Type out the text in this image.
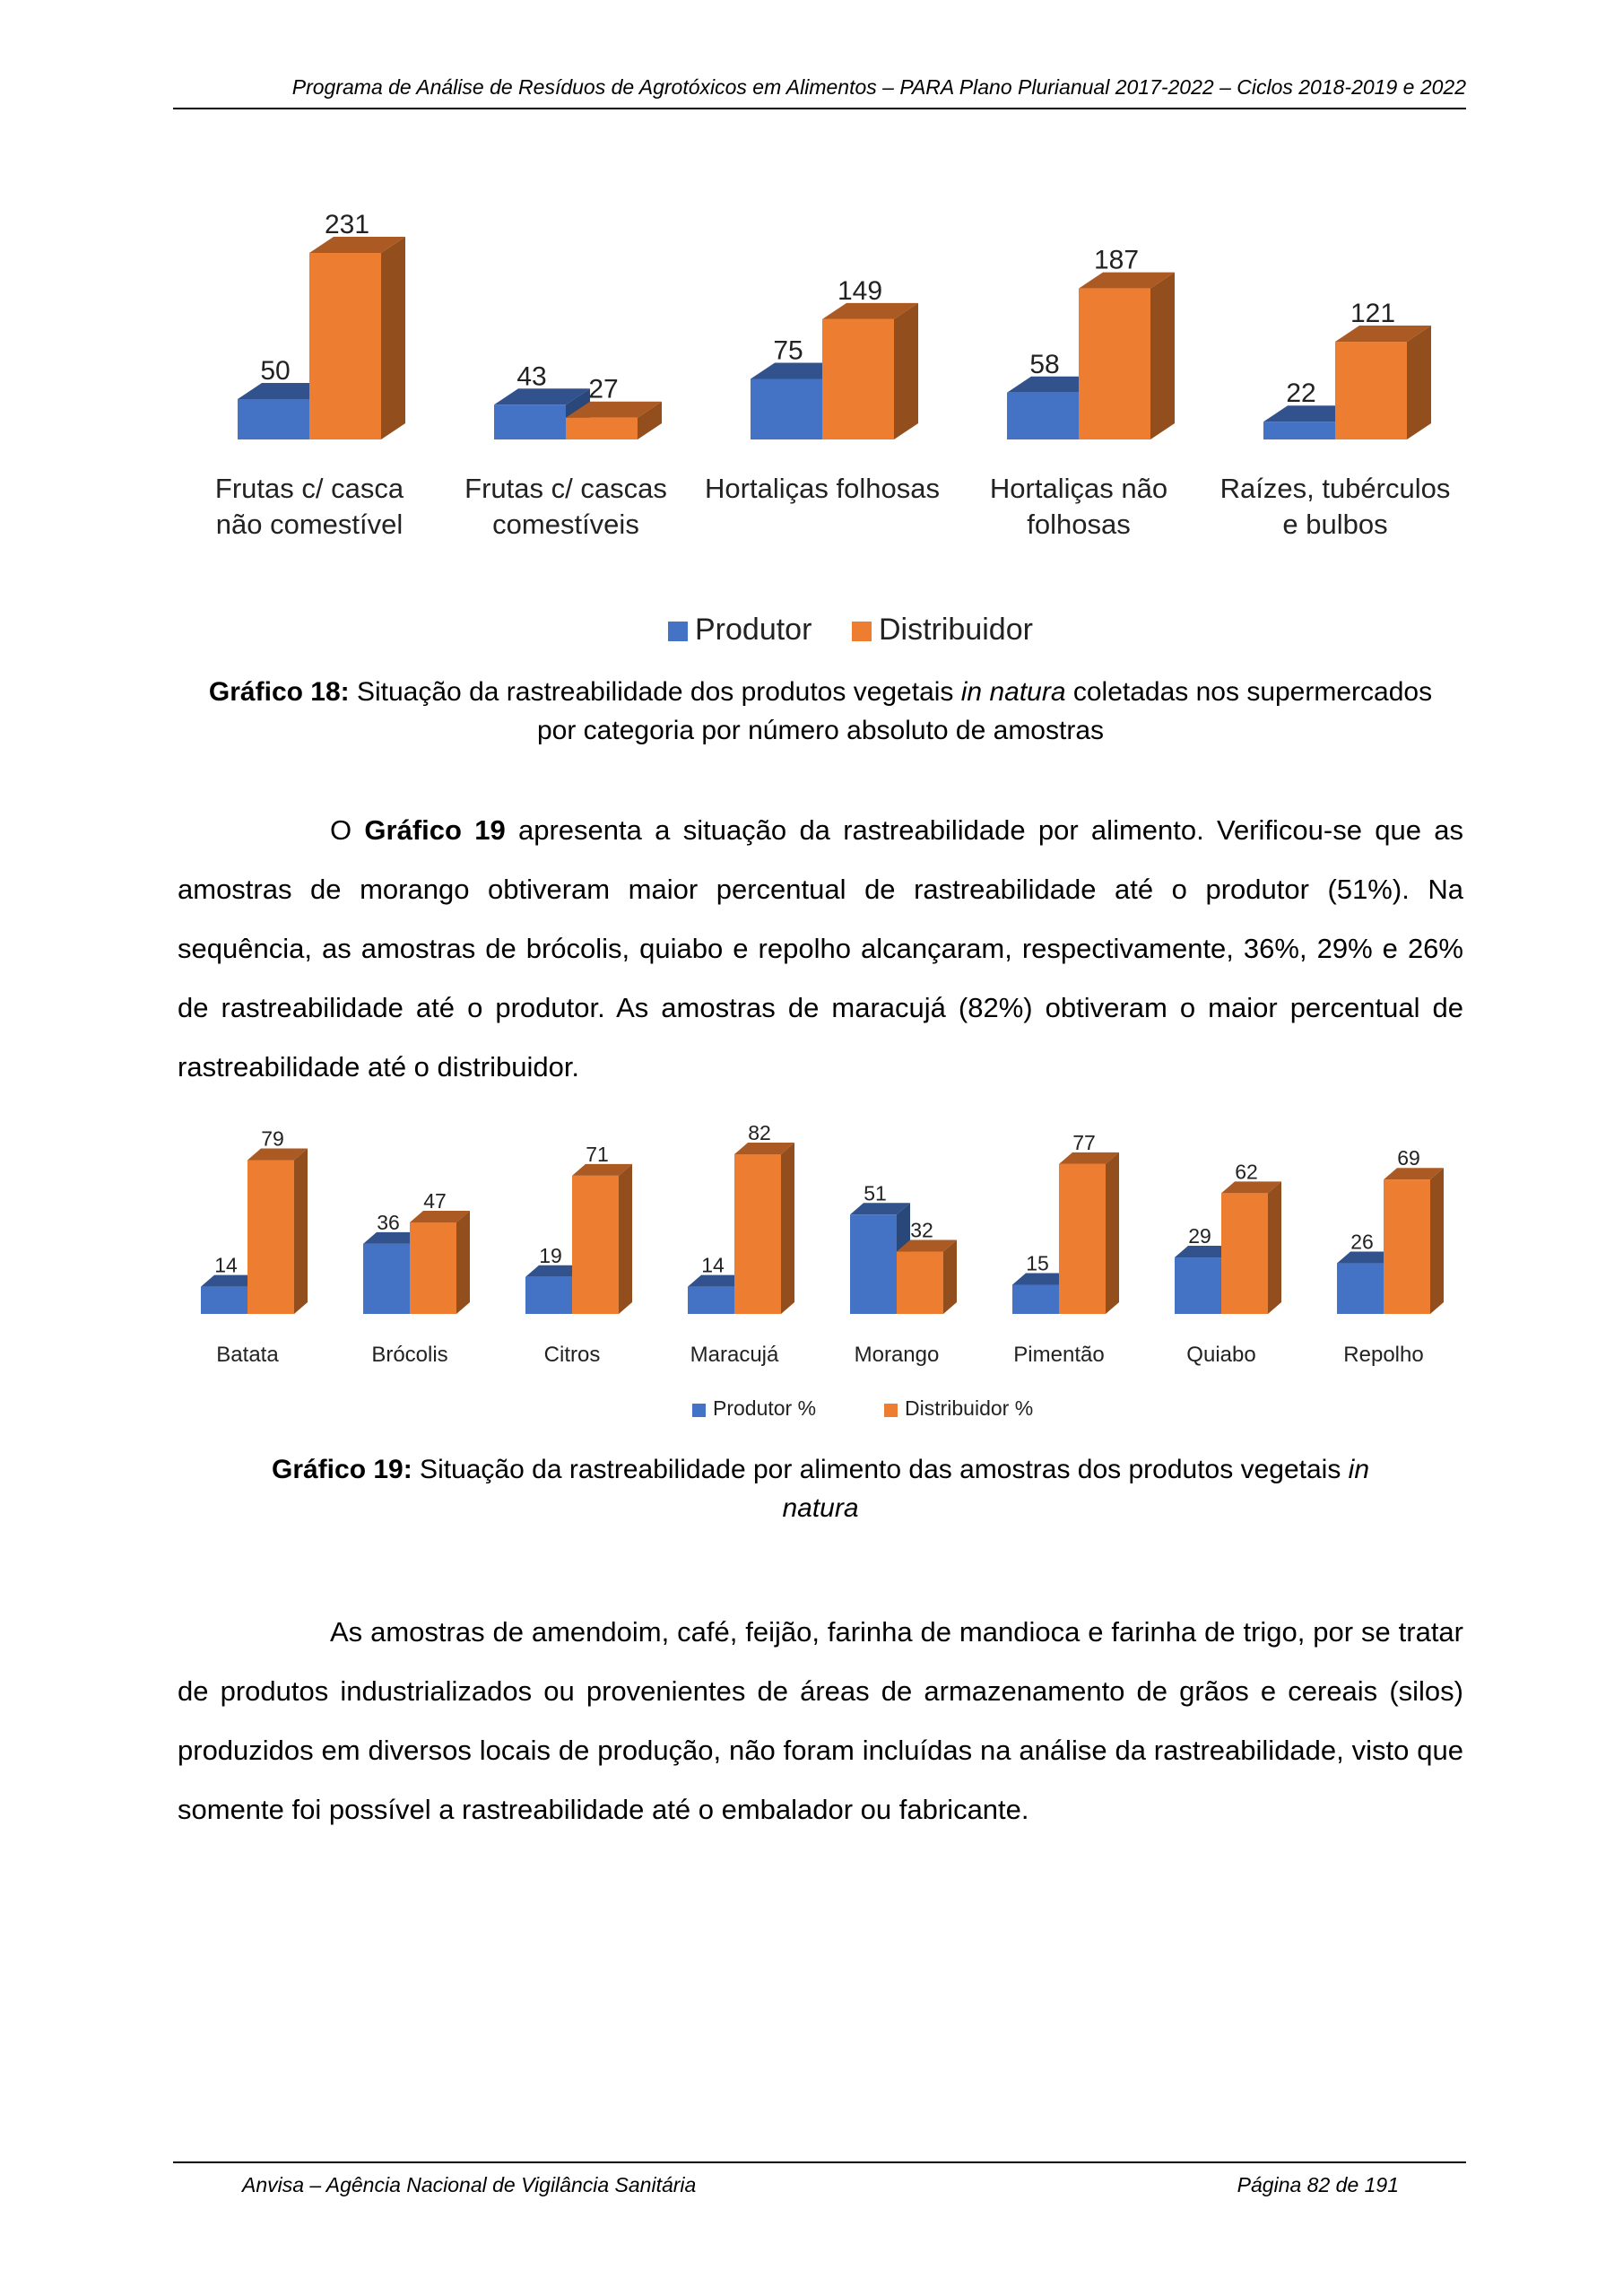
Programa de Análise de Resíduos de Agrotóxicos em Alimentos – PARA Plano Plurianual 2017-2022 – Ciclos 2018-2019 e 2022
50
231
Frutas c/ casca
não comestível
43 27
Frutas c/ cascas
comestíveis
75
149
Hortaliças folhosas
58
187
Hortaliças não
folhosas
22
121
Raízes, tubérculos
e bulbos
Produtor Distribuidor
Gráfico 18: Situação da rastreabilidade dos produtos vegetais in natura coletadas nos supermercados
por categoria por número absoluto de amostras
O Gráfico 19 apresenta a situação da rastreabilidade por alimento. Verificou-se que as amostras de morango obtiveram maior percentual de rastreabilidade até o produtor (51%). Na sequência, as amostras de brócolis, quiabo e repolho alcançaram, respectivamente, 36%, 29% e 26% de rastreabilidade até o produtor. As amostras de maracujá (82%) obtiveram o maior percentual de rastreabilidade até o distribuidor.
14
79
Batata
36
47
Brócolis
19
71
Citros
14
82
Maracujá
51
32
Morango
15
77
Pimentão
29
62
Quiabo
26
69
Repolho
Produtor %	Distribuidor %
Gráfico 19: Situação da rastreabilidade por alimento das amostras dos produtos vegetais in
natura
As amostras de amendoim, café, feijão, farinha de mandioca e farinha de trigo, por se tratar de produtos industrializados ou provenientes de áreas de armazenamento de grãos e cereais (silos) produzidos em diversos locais de produção, não foram incluídas na análise da rastreabilidade, visto que somente foi possível a rastreabilidade até o embalador ou fabricante.
Anvisa – Agência Nacional de Vigilância Sanitária	Página 82 de 191
